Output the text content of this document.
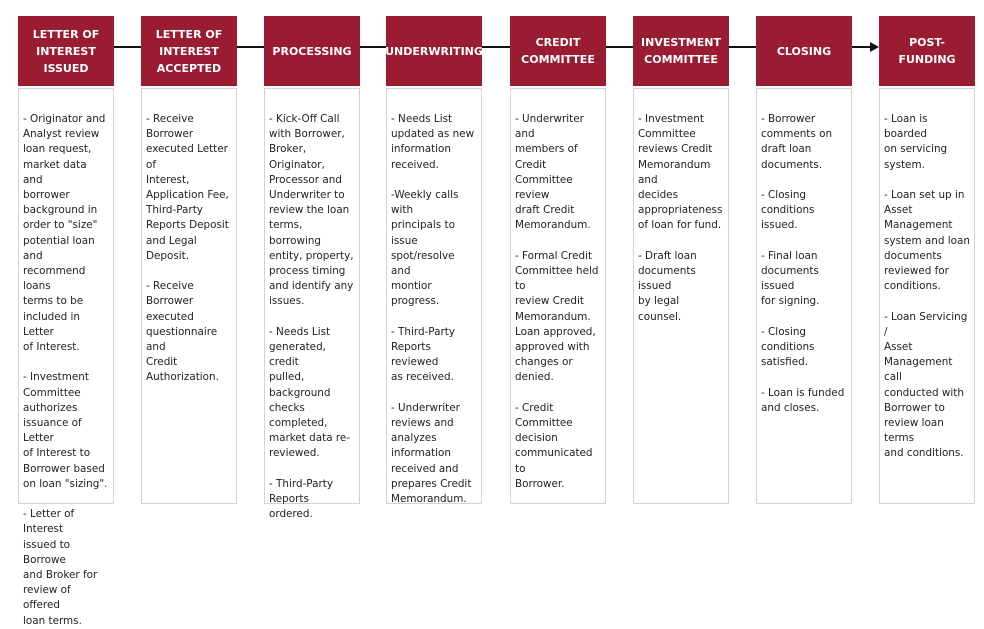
LETTER OF
INTEREST
ISSUED
- Originator and
Analyst review
loan request,
market data and
borrower
background in
order to "size"
potential loan and
recommend loans
terms to be
included in Letter
of Interest.
- Investment
Committee
authorizes
issuance of Letter
of Interest to
Borrower based
on loan "sizing".
- Letter of Interest
issued to Borrowe
and Broker for
review of offered
loan terms.
LETTER OF
INTEREST
ACCEPTED
- Receive Borrower
executed Letter of
Interest,
Application Fee,
Third-Party
Reports Deposit
and Legal Deposit.
- Receive Borrower
executed
questionnaire and
Credit
Authorization.
PROCESSING
- Kick-Off Call
with Borrower,
Broker,
Originator,
Processor and
Underwriter to
review the loan
terms, borrowing
entity, property,
process timing
and identify any
issues.
- Needs List
generated, credit
pulled,
background
checks completed,
market data re-
reviewed.
- Third-Party
Reports ordered.
UNDERWRITING
- Needs List
updated as new
information
received.
-Weekly calls with
principals to issue
spot/resolve and
montior progress.
- Third-Party
Reports reviewed
as received.
- Underwriter
reviews and
analyzes
information
received and
prepares Credit
Memorandum.
CREDIT
COMMITTEE
- Underwriter and
members of Credit
Committee review
draft Credit
Memorandum.
- Formal Credit
Committee held to
review Credit
Memorandum.
Loan approved,
approved with
changes or
denied.
- Credit Committee
decision
communicated to
Borrower.
INVESTMENT
COMMITTEE
- Investment
Committee
reviews Credit
Memorandum and
decides
appropriateness
of loan for fund.
- Draft loan
documents issued
by legal counsel.
CLOSING
- Borrower
comments on
draft loan
documents.
- Closing
conditions issued.
- Final loan
documents issued
for signing.
- Closing
conditions
satisfied.
- Loan is funded
and closes.
POST-FUNDING
- Loan is boarded
on servicing
system.
- Loan set up in
Asset
Management
system and loan
documents
reviewed for
conditions.
- Loan Servicing /
Asset
Management call
conducted with
Borrower to
review loan terms
and conditions.
